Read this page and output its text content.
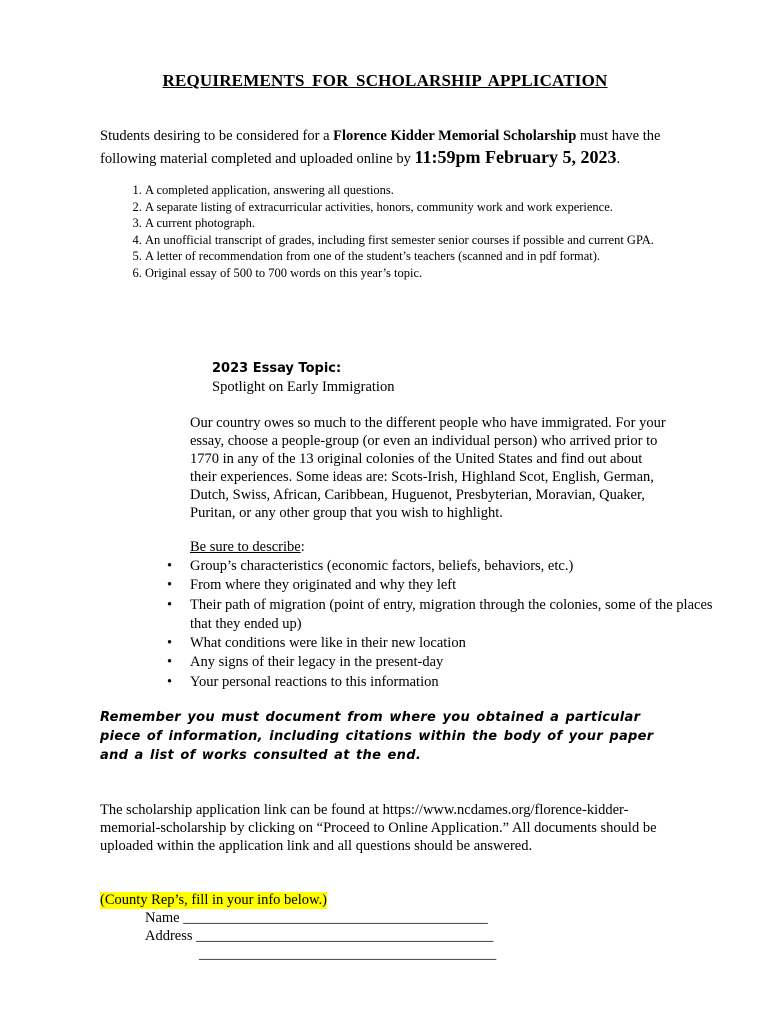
REQUIREMENTS FOR SCHOLARSHIP APPLICATION
Students desiring to be considered for a Florence Kidder Memorial Scholarship must have the following material completed and uploaded online by 11:59pm February 5, 2023.
1. A completed application, answering all questions.
2. A separate listing of extracurricular activities, honors, community work and work experience.
3. A current photograph.
4. An unofficial transcript of grades, including first semester senior courses if possible and current GPA.
5. A letter of recommendation from one of the student’s teachers (scanned and in pdf format).
6. Original essay of 500 to 700 words on this year’s topic.
2023 Essay Topic:
Spotlight on Early Immigration
Our country owes so much to the different people who have immigrated. For your essay, choose a people-group (or even an individual person) who arrived prior to 1770 in any of the 13 original colonies of the United States and find out about their experiences. Some ideas are: Scots-Irish, Highland Scot, English, German, Dutch, Swiss, African, Caribbean, Huguenot, Presbyterian, Moravian, Quaker, Puritan, or any other group that you wish to highlight.
Be sure to describe:
• Group’s characteristics (economic factors, beliefs, behaviors, etc.)
• From where they originated and why they left
• Their path of migration (point of entry, migration through the colonies, some of the places that they ended up)
• What conditions were like in their new location
• Any signs of their legacy in the present-day
• Your personal reactions to this information
Remember you must document from where you obtained a particular piece of information, including citations within the body of your paper and a list of works consulted at the end.
The scholarship application link can be found at https://www.ncdames.org/florence-kidder-memorial-scholarship by clicking on “Proceed to Online Application.” All documents should be uploaded within the application link and all questions should be answered.
(County Rep’s, fill in your info below.)
Name __________________________________________
Address _________________________________________
_________________________________________
